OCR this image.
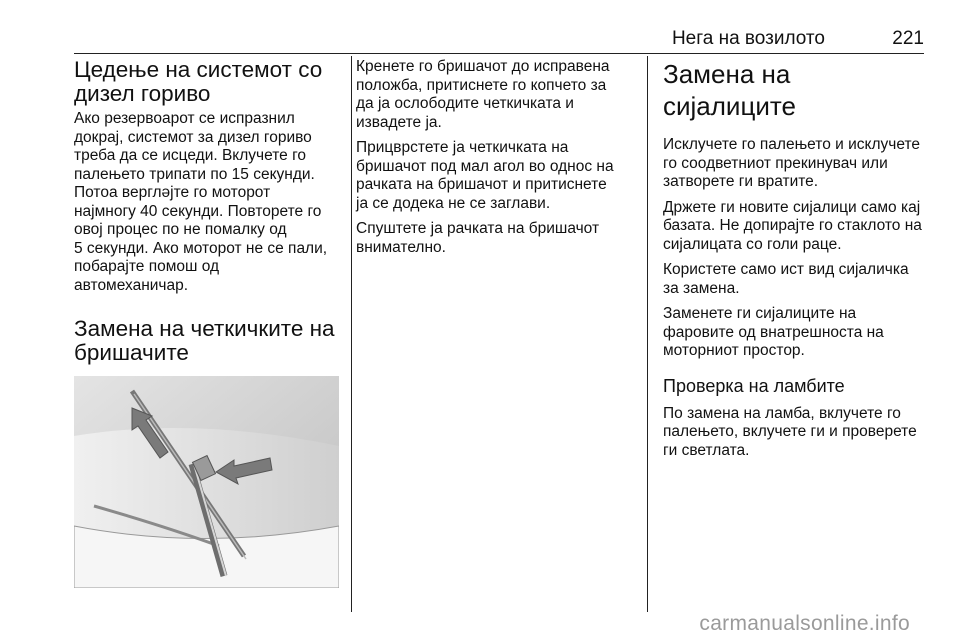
Нега на возилото	221
Цедење на системот со
дизел гориво

Ако резервоарот се испразнил
докрај, системот за дизел гориво
треба да се исцеди. Вклучете го
палењето трипати по 15 секунди.
Потоа вергләјте го моторот
најмногу 40 секунди. Повторете го
овој процес по не помалку од
5 секунди. Ако моторот не се пали,
побарајте помош од
автомеханичар.

Замена на четкичките на
бришачите

Кренете го бришачот до исправена
положба, притиснете го копчето за
да ја ослободите четкичката и
извадете ја.

Прицврстете ја четкичката на
бришачот под мал агол во однос на
рачката на бришачот и притиснете
ја се додека не се заглави.

Спуштете ја рачката на бришачот
внимателно.

Замена на сијалиците

Исклучете го палењето и исклучете
го соодветниот прекинувач или
затворете ги вратите.

Држете ги новите сијалици само кај
базата. Не допирајте го стаклото на
сијалицата со голи раце.

Користете само ист вид сијаличка
за замена.

Заменете ги сијалиците на
фаровите од внатрешноста на
моторниот простор.

Проверка на ламбите

По замена на ламба, вклучете го
палењето, вклучете ги и проверете
ги светлата.

carmanualsonline.info
